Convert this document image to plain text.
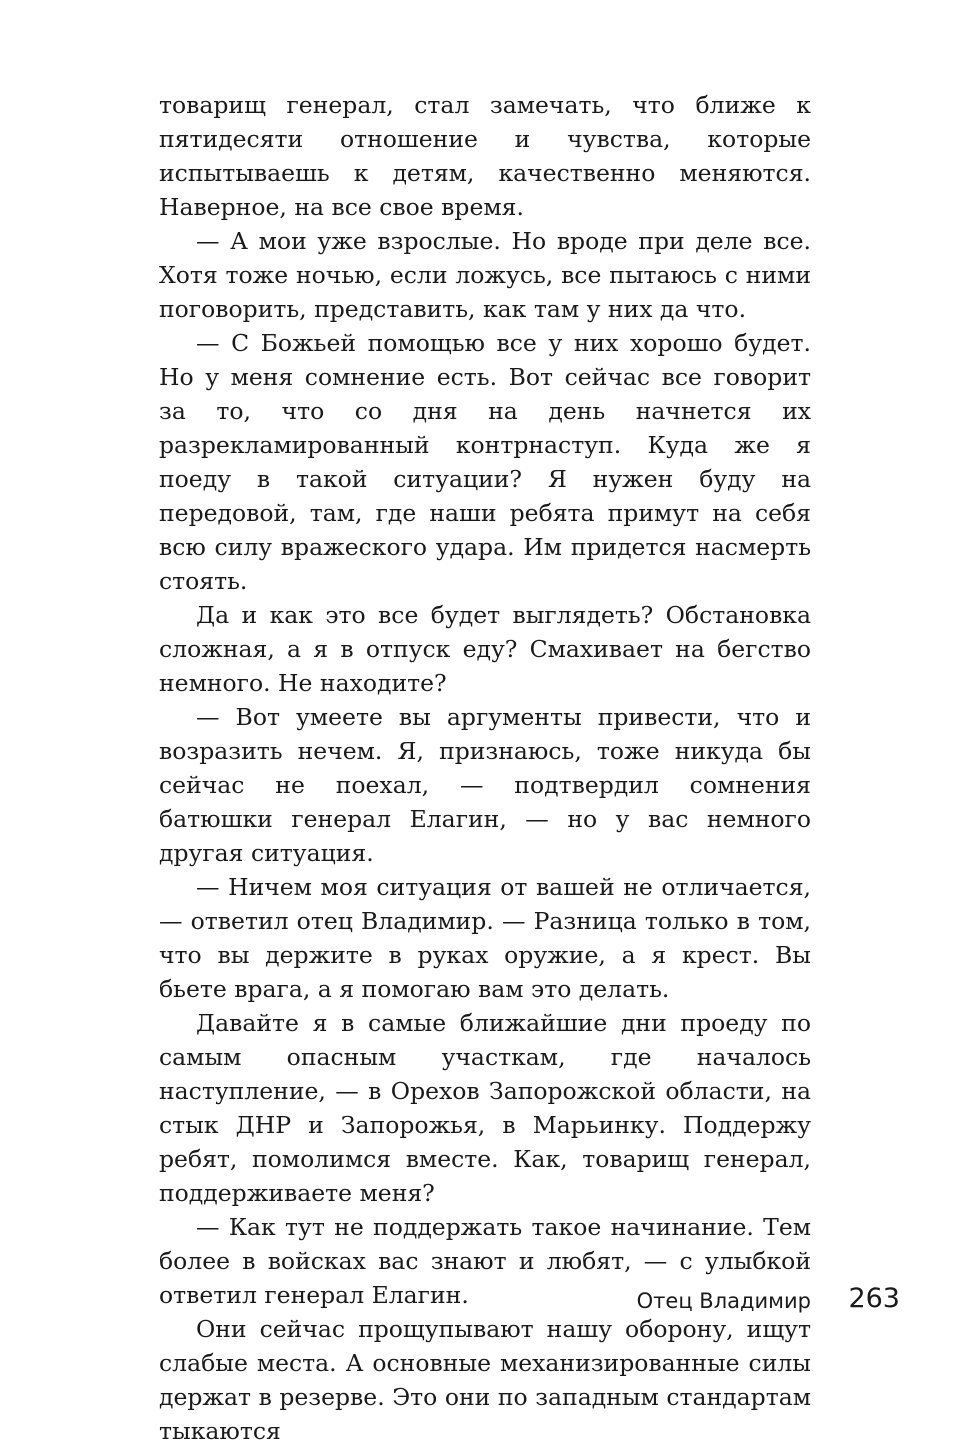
товарищ генерал, стал замечать, что ближе к пятидесяти отношение и чувства, которые испытываешь к детям, качественно меняются. Наверное, на все свое время.

— А мои уже взрослые. Но вроде при деле все. Хотя тоже ночью, если ложусь, все пытаюсь с ними поговорить, представить, как там у них да что.

— С Божьей помощью все у них хорошо будет. Но у меня сомнение есть. Вот сейчас все говорит за то, что со дня на день начнется их разрекламированный контрнаступ. Куда же я поеду в такой ситуации? Я нужен буду на передовой, там, где наши ребята примут на себя всю силу вражеского удара. Им придется насмерть стоять.

Да и как это все будет выглядеть? Обстановка сложная, а я в отпуск еду? Смахивает на бегство немного. Не находите?

— Вот умеете вы аргументы привести, что и возразить нечем. Я, признаюсь, тоже никуда бы сейчас не поехал, — подтвердил сомнения батюшки генерал Елагин, — но у вас немного другая ситуация.

— Ничем моя ситуация от вашей не отличается, — ответил отец Владимир. — Разница только в том, что вы держите в руках оружие, а я крест. Вы бьете врага, а я помогаю вам это делать.

Давайте я в самые ближайшие дни проеду по самым опасным участкам, где началось наступление, — в Орехов Запорожской области, на стык ДНР и Запорожья, в Марьинку. Поддержу ребят, помолимся вместе. Как, товарищ генерал, поддерживаете меня?

— Как тут не поддержать такое начинание. Тем более в войсках вас знают и любят, — с улыбкой ответил генерал Елагин.

Они сейчас прощупывают нашу оборону, ищут слабые места. А основные механизированные силы держат в резерве. Это они по западным стандартам тыкаются

Отец Владимир	263
